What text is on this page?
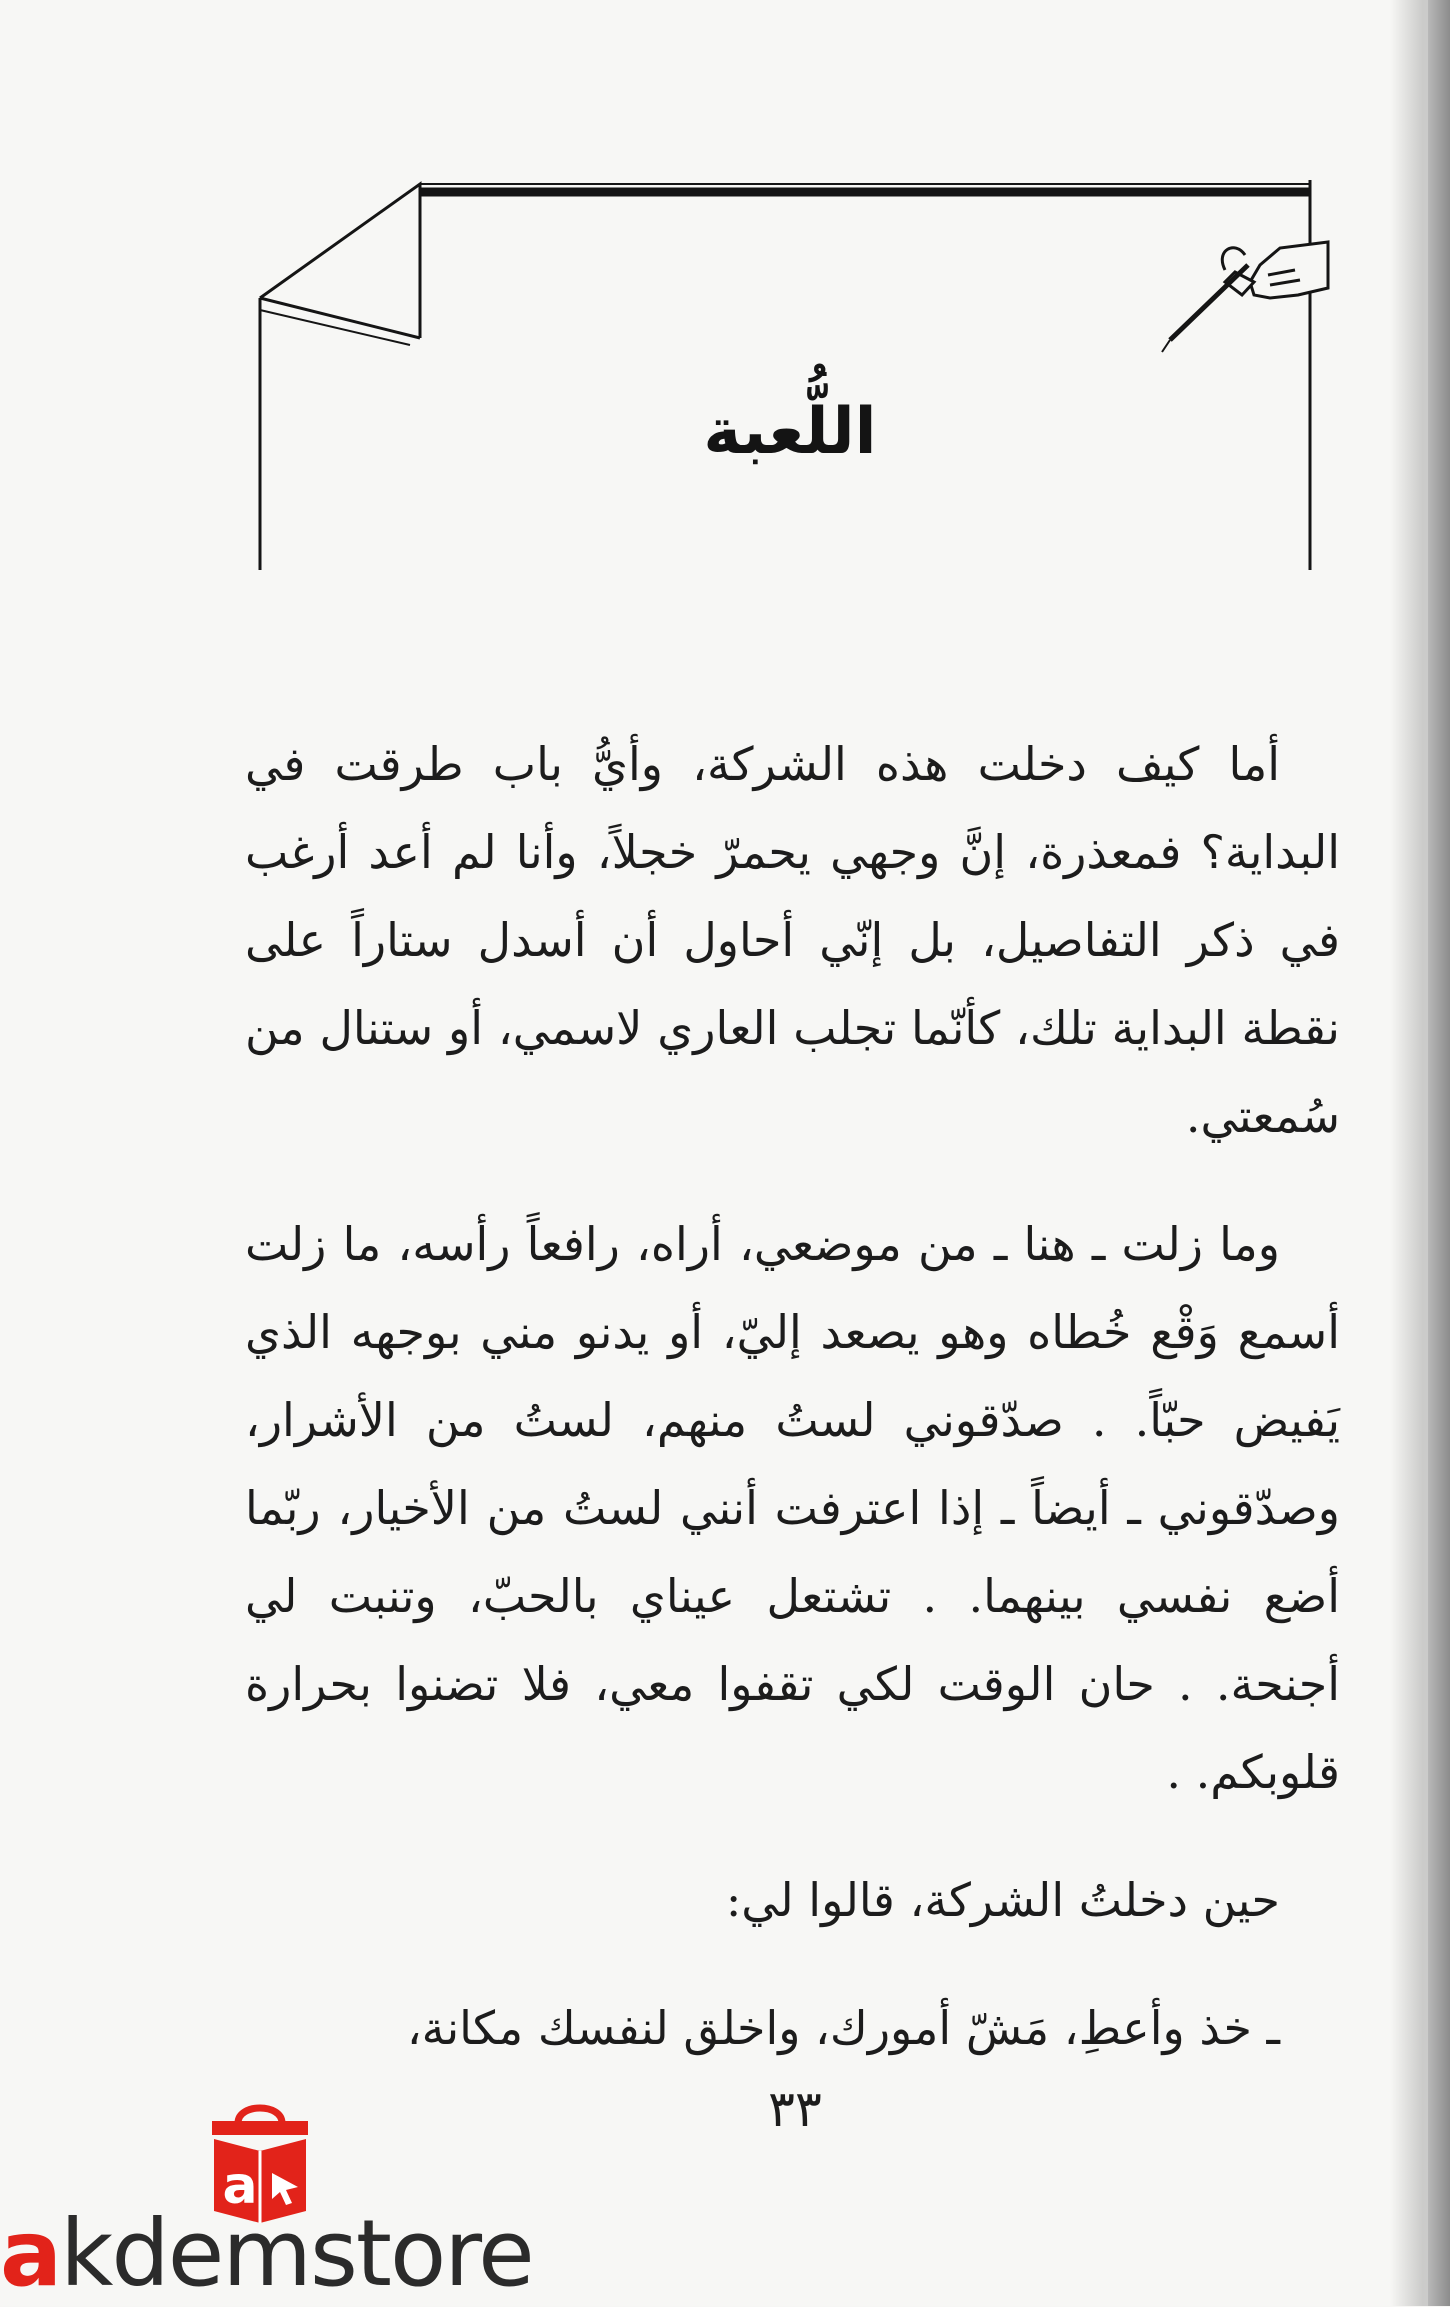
اللُّعبة

أما كيف دخلت هذه الشركة، وأيُّ باب طرقت في البداية؟ فمعذرة، إنَّ وجهي يحمرّ خجلاً، وأنا لم أعد أرغب في ذكر التفاصيل، بل إنّي أحاول أن أسدل ستاراً على نقطة البداية تلك، كأنّما تجلب العاري لاسمي، أو ستنال من سُمعتي.

وما زلت ـ هنا ـ من موضعي، أراه، رافعاً رأسه، ما زلت أسمع وَقْع خُطاه وهو يصعد إليّ، أو يدنو مني بوجهه الذي يَفيض حبّاً. . صدّقوني لستُ منهم، لستُ من الأشرار، وصدّقوني ـ أيضاً ـ إذا اعترفت أنني لستُ من الأخيار، ربّما أضع نفسي بينهما. . تشتعل عيناي بالحبّ، وتنبت لي أجنحة. . حان الوقت لكي تقفوا معي، فلا تضنوا بحرارة قلوبكم. .

حين دخلتُ الشركة، قالوا لي:

ـ خذ وأعطِ، مَشّ أمورك، واخلق لنفسك مكانة،

٣٣
a
akdemstore
